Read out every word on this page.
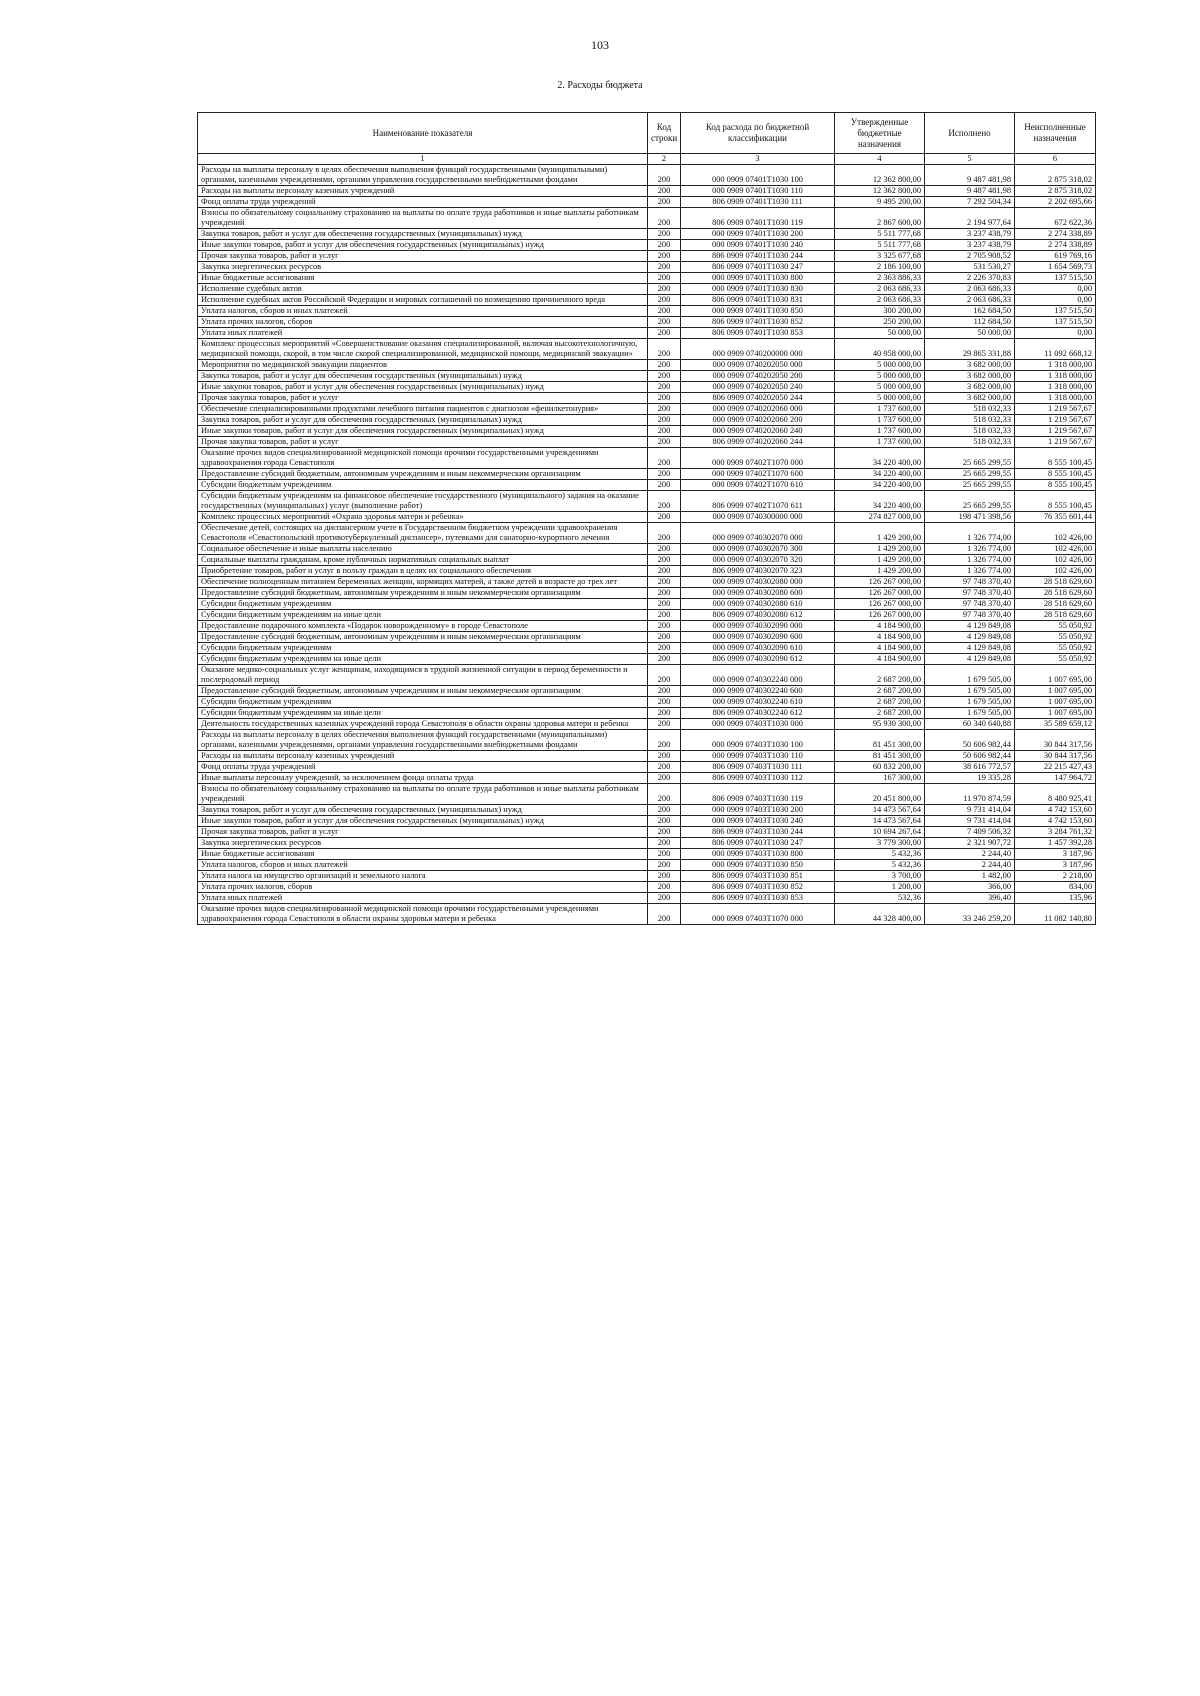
103
2. Расходы бюджета
Наименование показателя	Код строки	Код расхода по бюджетной классификации	Утвержденные бюджетные назначения	Исполнено	Неисполненные назначения
1	2	3	4	5	6
Расходы на выплаты персоналу в целях обеспечения выполнения функций государственными (муниципальными) органами, казенными учреждениями, органами управления государственными внебюджетными фондами	200	000 0909 07401Т1030 100	12 362 800,00	9 487 481,98	2 875 318,02
Расходы на выплаты персоналу казенных учреждений	200	000 0909 07401Т1030 110	12 362 800,00	9 487 481,98	2 875 318,02
Фонд оплаты труда учреждений	200	806 0909 07401Т1030 111	9 495 200,00	7 292 504,34	2 202 695,66
Взносы по обязательному социальному страхованию на выплаты по оплате труда работников и иные выплаты работникам учреждений	200	806 0909 07401Т1030 119	2 867 600,00	2 194 977,64	672 622,36
Закупка товаров, работ и услуг для обеспечения государственных (муниципальных) нужд	200	000 0909 07401Т1030 200	5 511 777,68	3 237 438,79	2 274 338,89
Иные закупки товаров, работ и услуг для обеспечения государственных (муниципальных) нужд	200	000 0909 07401Т1030 240	5 511 777,68	3 237 438,79	2 274 338,89
Прочая закупка товаров, работ и услуг	200	806 0909 07401Т1030 244	3 325 677,68	2 705 908,52	619 769,16
Закупка энергетических ресурсов	200	806 0909 07401Т1030 247	2 186 100,00	531 530,27	1 654 569,73
Иные бюджетные ассигнования	200	000 0909 07401Т1030 800	2 363 886,33	2 226 370,83	137 515,50
Исполнение судебных актов	200	000 0909 07401Т1030 830	2 063 686,33	2 063 686,33	0,00
Исполнение судебных актов Российской Федерации и мировых соглашений по возмещению причиненного вреда	200	806 0909 07401Т1030 831	2 063 686,33	2 063 686,33	0,00
Уплата налогов, сборов и иных платежей	200	000 0909 07401Т1030 850	300 200,00	162 684,50	137 515,50
Уплата прочих налогов, сборов	200	806 0909 07401Т1030 852	250 200,00	112 684,50	137 515,50
Уплата иных платежей	200	806 0909 07401Т1030 853	50 000,00	50 000,00	0,00
Комплекс процессных мероприятий «Совершенствование оказания специализированной, включая высокотехнологичную, медицинской помощи, скорой, в том числе скорой специализированной, медицинской помощи, медицинской эвакуации»	200	000 0909 0740200000 000	40 958 000,00	29 865 331,88	11 092 668,12
Мероприятия по медицинской эвакуации пациентов	200	000 0909 0740202050 000	5 000 000,00	3 682 000,00	1 318 000,00
Закупка товаров, работ и услуг для обеспечения государственных (муниципальных) нужд	200	000 0909 0740202050 200	5 000 000,00	3 682 000,00	1 318 000,00
Иные закупки товаров, работ и услуг для обеспечения государственных (муниципальных) нужд	200	000 0909 0740202050 240	5 000 000,00	3 682 000,00	1 318 000,00
Прочая закупка товаров, работ и услуг	200	806 0909 0740202050 244	5 000 000,00	3 682 000,00	1 318 000,00
Обеспечение специализированными продуктами лечебного питания пациентов с диагнозом «фенилкетонурия»	200	000 0909 0740202060 000	1 737 600,00	518 032,33	1 219 567,67
Закупка товаров, работ и услуг для обеспечения государственных (муниципальных) нужд	200	000 0909 0740202060 200	1 737 600,00	518 032,33	1 219 567,67
Иные закупки товаров, работ и услуг для обеспечения государственных (муниципальных) нужд	200	000 0909 0740202060 240	1 737 600,00	518 032,33	1 219 567,67
Прочая закупка товаров, работ и услуг	200	806 0909 0740202060 244	1 737 600,00	518 032,33	1 219 567,67
Оказание прочих видов специализированной медицинской помощи прочими государственными учреждениями здравоохранения города Севастополя	200	000 0909 07402Т1070 000	34 220 400,00	25 665 299,55	8 555 100,45
Предоставление субсидий бюджетным, автономным учреждениям и иным некоммерческим организациям	200	000 0909 07402Т1070 600	34 220 400,00	25 665 299,55	8 555 100,45
Субсидии бюджетным учреждениям	200	000 0909 07402Т1070 610	34 220 400,00	25 665 299,55	8 555 100,45
Субсидии бюджетным учреждениям на финансовое обеспечение государственного (муниципального) задания на оказание государственных (муниципальных) услуг (выполнение работ)	200	806 0909 07402Т1070 611	34 220 400,00	25 665 299,55	8 555 100,45
Комплекс процессных мероприятий «Охрана здоровья матери и ребенка»	200	000 0909 0740300000 000	274 827 000,00	198 471 398,56	76 355 601,44
Обеспечение детей, состоящих на диспансерном учете в Государственном бюджетном учреждении здравоохранения Севастополя «Севастопольский противотуберкулезный диспансер», путевками для санаторно-курортного лечения	200	000 0909 0740302070 000	1 429 200,00	1 326 774,00	102 426,00
Социальное обеспечение и иные выплаты населению	200	000 0909 0740302070 300	1 429 200,00	1 326 774,00	102 426,00
Социальные выплаты гражданам, кроме публичных нормативных социальных выплат	200	000 0909 0740302070 320	1 429 200,00	1 326 774,00	102 426,00
Приобретение товаров, работ и услуг в пользу граждан в целях их социального обеспечения	200	806 0909 0740302070 323	1 429 200,00	1 326 774,00	102 426,00
Обеспечение полноценным питанием беременных женщин, кормящих матерей, а также детей в возрасте до трех лет	200	000 0909 0740302080 000	126 267 000,00	97 748 370,40	28 518 629,60
Предоставление субсидий бюджетным, автономным учреждениям и иным некоммерческим организациям	200	000 0909 0740302080 600	126 267 000,00	97 748 370,40	28 518 629,60
Субсидии бюджетным учреждениям	200	000 0909 0740302080 610	126 267 000,00	97 748 370,40	28 518 629,60
Субсидии бюджетным учреждениям на иные цели	200	806 0909 0740302080 612	126 267 000,00	97 748 370,40	28 518 629,60
Предоставление подарочного комплекта «Подарок новорожденному» в городе Севастополе	200	000 0909 0740302090 000	4 184 900,00	4 129 849,08	55 050,92
Предоставление субсидий бюджетным, автономным учреждениям и иным некоммерческим организациям	200	000 0909 0740302090 600	4 184 900,00	4 129 849,08	55 050,92
Субсидии бюджетным учреждениям	200	000 0909 0740302090 610	4 184 900,00	4 129 849,08	55 050,92
Субсидии бюджетным учреждениям на иные цели	200	806 0909 0740302090 612	4 184 900,00	4 129 849,08	55 050,92
Оказание медико-социальных услуг женщинам, находящимся в трудной жизненной ситуации в период беременности и послеродовый период	200	000 0909 0740302240 000	2 687 200,00	1 679 505,00	1 007 695,00
Предоставление субсидий бюджетным, автономным учреждениям и иным некоммерческим организациям	200	000 0909 0740302240 600	2 687 200,00	1 679 505,00	1 007 695,00
Субсидии бюджетным учреждениям	200	000 0909 0740302240 610	2 687 200,00	1 679 505,00	1 007 695,00
Субсидии бюджетным учреждениям на иные цели	200	806 0909 0740302240 612	2 687 200,00	1 679 505,00	1 007 695,00
Деятельность государственных казенных учреждений города Севастополя в области охраны здоровья матери и ребенка	200	000 0909 07403Т1030 000	95 930 300,00	60 340 640,88	35 589 659,12
Расходы на выплаты персоналу в целях обеспечения выполнения функций государственными (муниципальными) органами, казенными учреждениями, органами управления государственными внебюджетными фондами	200	000 0909 07403Т1030 100	81 451 300,00	50 606 982,44	30 844 317,56
Расходы на выплаты персоналу казенных учреждений	200	000 0909 07403Т1030 110	81 451 300,00	50 606 982,44	30 844 317,56
Фонд оплаты труда учреждений	200	806 0909 07403Т1030 111	60 832 200,00	38 616 772,57	22 215 427,43
Иные выплаты персоналу учреждений, за исключением фонда оплаты труда	200	806 0909 07403Т1030 112	167 300,00	19 335,28	147 964,72
Взносы по обязательному социальному страхованию на выплаты по оплате труда работников и иные выплаты работникам учреждений	200	806 0909 07403Т1030 119	20 451 800,00	11 970 874,59	8 480 925,41
Закупка товаров, работ и услуг для обеспечения государственных (муниципальных) нужд	200	000 0909 07403Т1030 200	14 473 567,64	9 731 414,04	4 742 153,60
Иные закупки товаров, работ и услуг для обеспечения государственных (муниципальных) нужд	200	000 0909 07403Т1030 240	14 473 567,64	9 731 414,04	4 742 153,60
Прочая закупка товаров, работ и услуг	200	806 0909 07403Т1030 244	10 694 267,64	7 409 506,32	3 284 761,32
Закупка энергетических ресурсов	200	806 0909 07403Т1030 247	3 779 300,00	2 321 907,72	1 457 392,28
Иные бюджетные ассигнования	200	000 0909 07403Т1030 800	5 432,36	2 244,40	3 187,96
Уплата налогов, сборов и иных платежей	200	000 0909 07403Т1030 850	5 432,36	2 244,40	3 187,96
Уплата налога на имущество организаций и земельного налога	200	806 0909 07403Т1030 851	3 700,00	1 482,00	2 218,00
Уплата прочих налогов, сборов	200	806 0909 07403Т1030 852	1 200,00	366,00	834,00
Уплата иных платежей	200	806 0909 07403Т1030 853	532,36	396,40	135,96
Оказание прочих видов специализированной медицинской помощи прочими государственными учреждениями здравоохранения города Севастополя в области охраны здоровья матери и ребенка	200	000 0909 07403Т1070 000	44 328 400,00	33 246 259,20	11 082 140,80
